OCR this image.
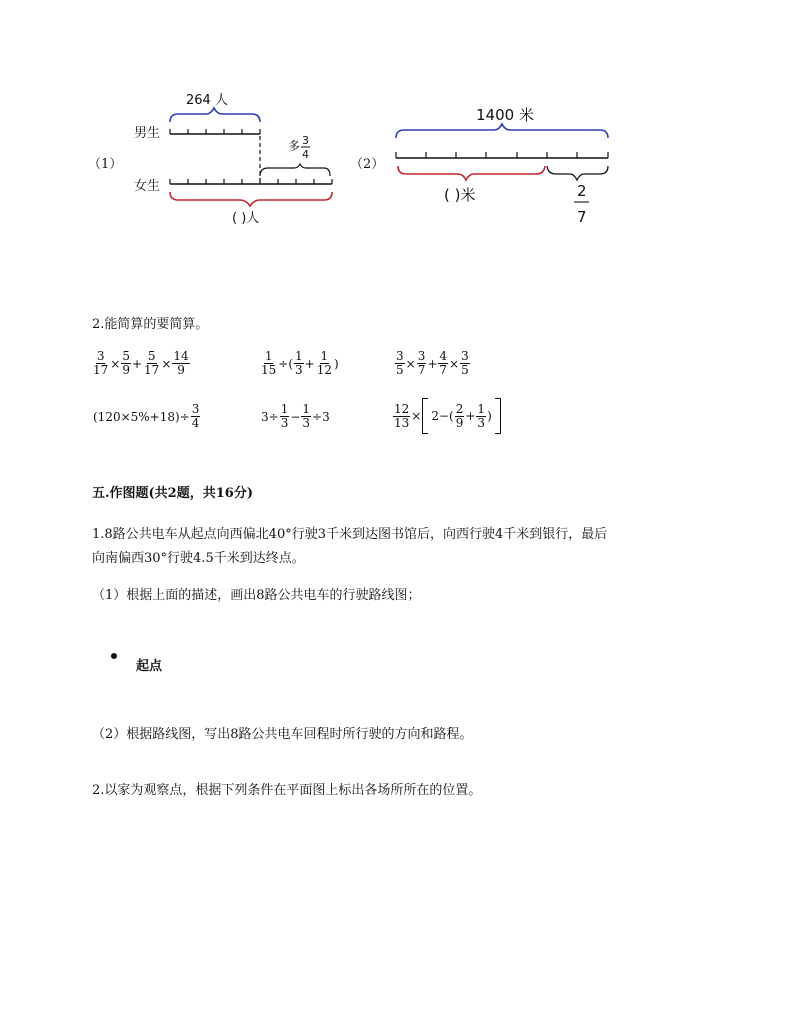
（1）
男生
女生
264 人
多 3
4
( )人
（2）
1400 米
( )米	2
7
2.能简算的要简算。
$\frac{3}{17} \times \frac{5}{9} + \frac{5}{17} \times \frac{14}{9}$	$\frac{1}{15}$ ÷( $\frac{1}{3} + \frac{1}{12}$ )	$\frac{3}{5} \times \frac{3}{7} + \frac{4}{7} \times \frac{3}{5}$
$(120\times 5\%+18)\div \frac{3}{4}$	$3\div \frac{1}{3} - \frac{1}{3} \div 3$	$\frac{12}{13} \times 2-( \frac{2}{9} + \frac{1}{3}$ )
五.作图题(共2题，共16分)
1.8路公共电车从起点向西偏北40°行驶3千米到达图书馆后，向西行驶4千米到银行，最后
向南偏西30°行驶4.5千米到达终点。
（1）根据上面的描述，画出8路公共电车的行驶路线图；
起点
（2）根据路线图，写出8路公共电车回程时所行驶的方向和路程。
2.以家为观察点，根据下列条件在平面图上标出各场所所在的位置。
